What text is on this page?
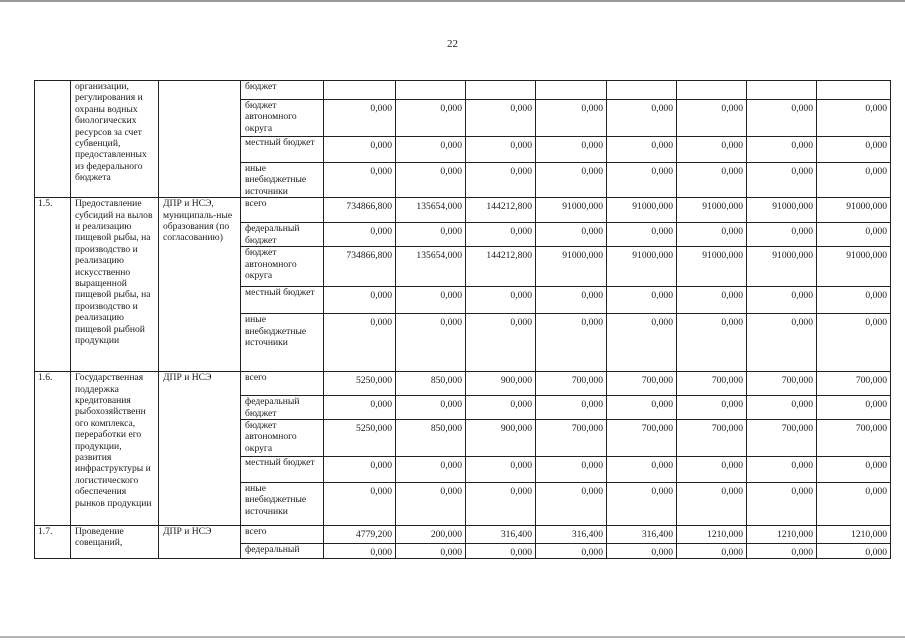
22
	организации, регулирования и охраны водных биологических ресурсов за счет субвенций, предоставленных из федерального бюджета		бюджет								
			бюджет автономного округа	0,000	0,000	0,000	0,000	0,000	0,000	0,000	0,000
			местный бюджет	0,000	0,000	0,000	0,000	0,000	0,000	0,000	0,000
			иные внебюджетные источники	0,000	0,000	0,000	0,000	0,000	0,000	0,000	0,000
1.5.	Предоставление субсидий на вылов и реализацию пищевой рыбы, на производство и реализацию искусственно выращенной пищевой рыбы, на производство и реализацию пищевой рыбной продукции	ДПР и НСЭ, муниципаль-ные образования (по согласованию)	всего	734866,800	135654,000	144212,800	91000,000	91000,000	91000,000	91000,000	91000,000
			федеральный бюджет	0,000	0,000	0,000	0,000	0,000	0,000	0,000	0,000
			бюджет автономного округа	734866,800	135654,000	144212,800	91000,000	91000,000	91000,000	91000,000	91000,000
			местный бюджет	0,000	0,000	0,000	0,000	0,000	0,000	0,000	0,000
			иные внебюджетные источники	0,000	0,000	0,000	0,000	0,000	0,000	0,000	0,000
1.6.	Государственная поддержка кредитования рыбохозяйственн ого комплекса, переработки его продукции, развития инфраструктуры и логистического обеспечения рынков продукции	ДПР и НСЭ	всего	5250,000	850,000	900,000	700,000	700,000	700,000	700,000	700,000
			федеральный бюджет	0,000	0,000	0,000	0,000	0,000	0,000	0,000	0,000
			бюджет автономного округа	5250,000	850,000	900,000	700,000	700,000	700,000	700,000	700,000
			местный бюджет	0,000	0,000	0,000	0,000	0,000	0,000	0,000	0,000
			иные внебюджетные источники	0,000	0,000	0,000	0,000	0,000	0,000	0,000	0,000
1.7.	Проведение совещаний,	ДПР и НСЭ	всего	4779,200	200,000	316,400	316,400	316,400	1210,000	1210,000	1210,000
			федеральный	0,000	0,000	0,000	0,000	0,000	0,000	0,000	0,000
